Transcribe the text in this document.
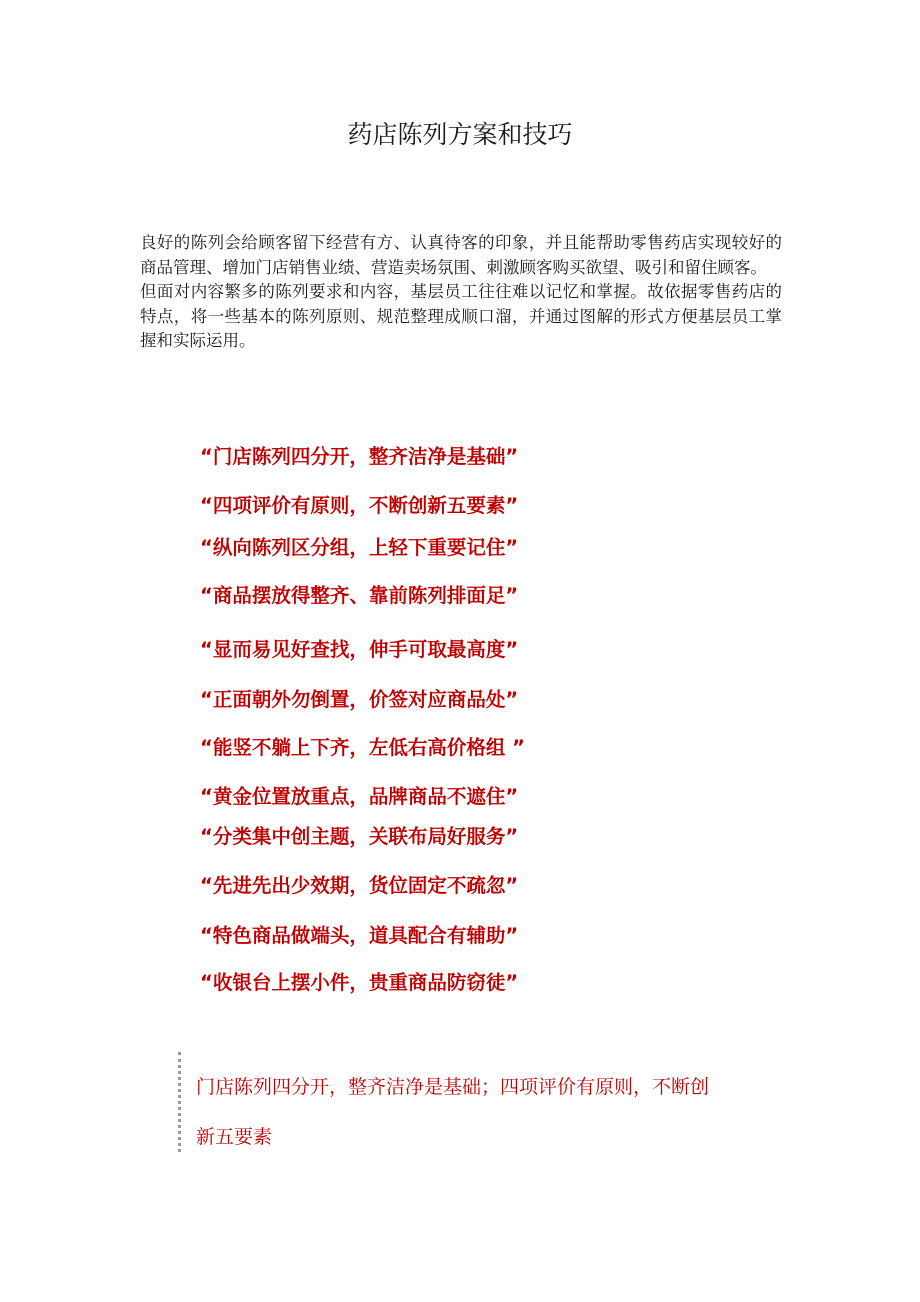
药店陈列方案和技巧

良好的陈列会给顾客留下经营有方、认真待客的印象，并且能帮助零售药店实现较好的商品管理、增加门店销售业绩、营造卖场氛围、刺激顾客购买欲望、吸引和留住顾客。

但面对内容繁多的陈列要求和内容，基层员工往往难以记忆和掌握。故依据零售药店的特点，将一些基本的陈列原则、规范整理成顺口溜，并通过图解的形式方便基层员工掌握和实际运用。

“门店陈列四分开，整齐洁净是基础”

“四项评价有原则，不断创新五要素”

“纵向陈列区分组，上轻下重要记住”

“商品摆放得整齐、靠前陈列排面足”

“显而易见好查找，伸手可取最高度”

“正面朝外勿倒置，价签对应商品处”

“能竖不躺上下齐，左低右高价格组 ”

“黄金位置放重点，品牌商品不遮住”

“分类集中创主题，关联布局好服务”

“先进先出少效期，货位固定不疏忽”

“特色商品做端头，道具配合有辅助”

“收银台上摆小件，贵重商品防窃徒”

门店陈列四分开，整齐洁净是基础；四项评价有原则，不断创新五要素
